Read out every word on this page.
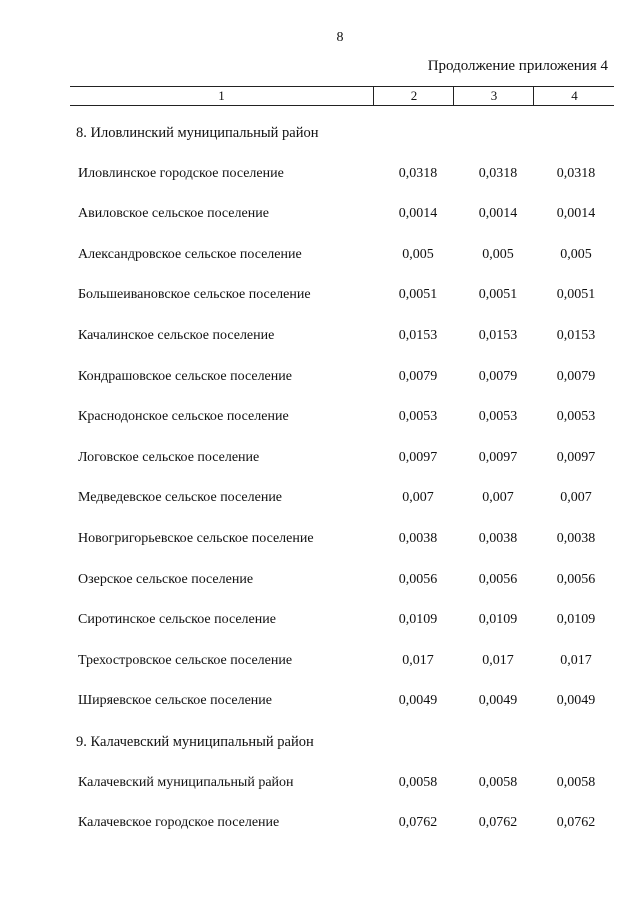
8
Продолжение приложения 4
1	2	3	4
8. Иловлинский муниципальный район
Иловлинское городское поселение	0,0318	0,0318	0,0318
Авиловское сельское поселение	0,0014	0,0014	0,0014
Александровское сельское поселение	0,005	0,005	0,005
Большеивановское сельское поселение	0,0051	0,0051	0,0051
Качалинское сельское поселение	0,0153	0,0153	0,0153
Кондрашовское сельское поселение	0,0079	0,0079	0,0079
Краснодонское сельское поселение	0,0053	0,0053	0,0053
Логовское сельское поселение	0,0097	0,0097	0,0097
Медведевское сельское поселение	0,007	0,007	0,007
Новогригорьевское сельское поселение	0,0038	0,0038	0,0038
Озерское сельское поселение	0,0056	0,0056	0,0056
Сиротинское сельское поселение	0,0109	0,0109	0,0109
Трехостровское сельское поселение	0,017	0,017	0,017
Ширяевское сельское поселение	0,0049	0,0049	0,0049
9. Калачевский муниципальный район
Калачевский муниципальный район	0,0058	0,0058	0,0058
Калачевское городское поселение	0,0762	0,0762	0,0762
